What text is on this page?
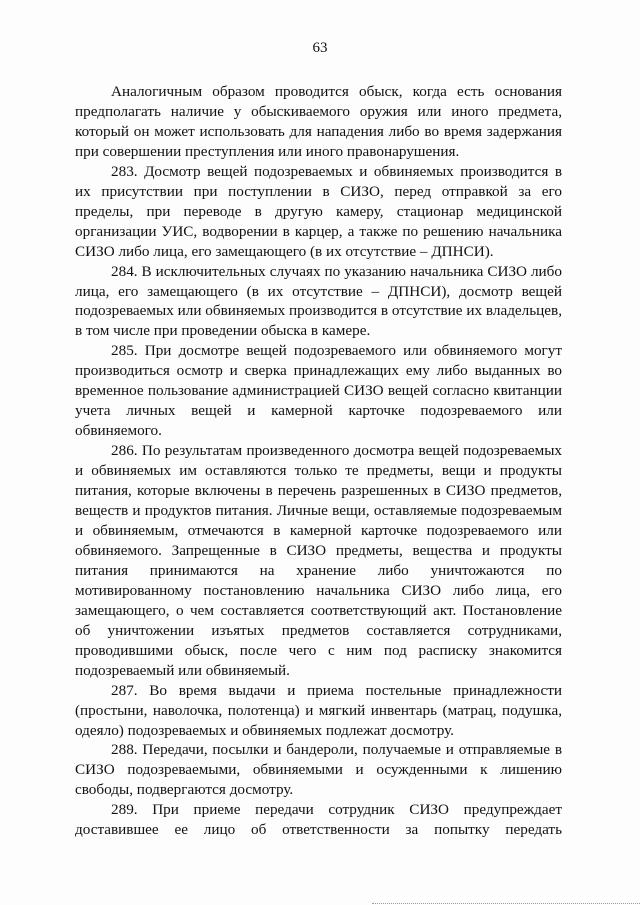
63

Аналогичным образом проводится обыск, когда есть основания предполагать наличие у обыскиваемого оружия или иного предмета, который он может использовать для нападения либо во время задержания при совершении преступления или иного правонарушения.

283. Досмотр вещей подозреваемых и обвиняемых производится в их присутствии при поступлении в СИЗО, перед отправкой за его пределы, при переводе в другую камеру, стационар медицинской организации УИС, водворении в карцер, а также по решению начальника СИЗО либо лица, его замещающего (в их отсутствие – ДПНСИ).

284. В исключительных случаях по указанию начальника СИЗО либо лица, его замещающего (в их отсутствие – ДПНСИ), досмотр вещей подозреваемых или обвиняемых производится в отсутствие их владельцев, в том числе при проведении обыска в камере.

285. При досмотре вещей подозреваемого или обвиняемого могут производиться осмотр и сверка принадлежащих ему либо выданных во временное пользование администрацией СИЗО вещей согласно квитанции учета личных вещей и камерной карточке подозреваемого или обвиняемого.

286. По результатам произведенного досмотра вещей подозреваемых и обвиняемых им оставляются только те предметы, вещи и продукты питания, которые включены в перечень разрешенных в СИЗО предметов, веществ и продуктов питания. Личные вещи, оставляемые подозреваемым и обвиняемым, отмечаются в камерной карточке подозреваемого или обвиняемого. Запрещенные в СИЗО предметы, вещества и продукты питания принимаются на хранение либо уничтожаются по мотивированному постановлению начальника СИЗО либо лица, его замещающего, о чем составляется соответствующий акт. Постановление об уничтожении изъятых предметов составляется сотрудниками, проводившими обыск, после чего с ним под расписку знакомится подозреваемый или обвиняемый.

287. Во время выдачи и приема постельные принадлежности (простыни, наволочка, полотенца) и мягкий инвентарь (матрац, подушка, одеяло) подозреваемых и обвиняемых подлежат досмотру.

288. Передачи, посылки и бандероли, получаемые и отправляемые в СИЗО подозреваемыми, обвиняемыми и осужденными к лишению свободы, подвергаются досмотру.

289. При приеме передачи сотрудник СИЗО предупреждает доставившее ее лицо об ответственности за попытку передать
